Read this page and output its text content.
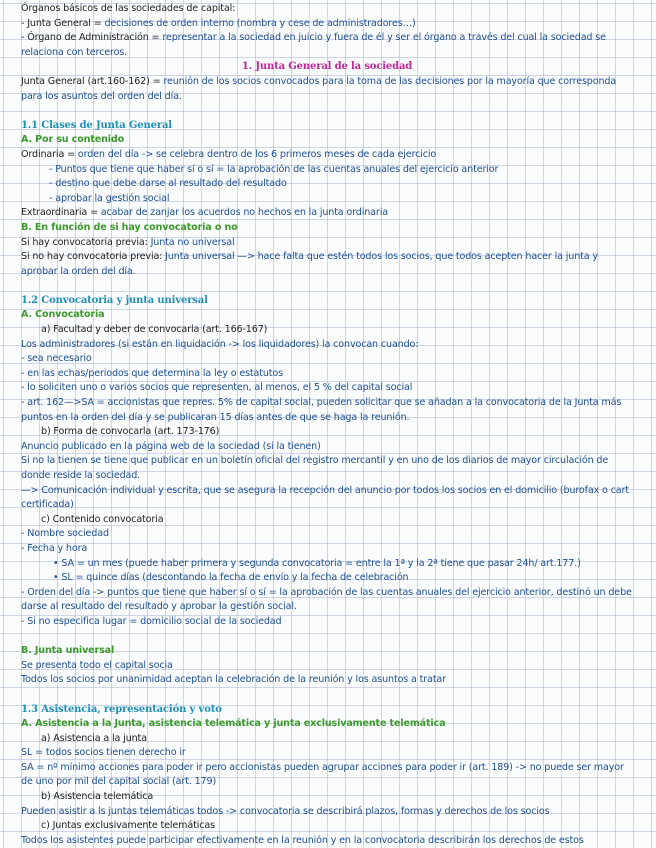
Órganos básicos de las sociedades de capital:
- Junta General = decisiones de orden interno (nombra y cese de administradores…)
- Órgano de Administración = representar a la sociedad en juicio y fuera de él y ser el órgano a través del cual la sociedad se relaciona con terceros.
1. Junta General de la sociedad
Junta General (art.160-162) = reunión de los socios convocados para la toma de las decisiones por la mayoría que corresponda para los asuntos del orden del día.
1.1 Clases de Junta General
A. Por su contenido
Ordinaria = orden del día -> se celebra dentro de los 6 primeros meses de cada ejercicio
- Puntos que tiene que haber sí o sí = la aprobación de las cuentas anuales del ejercicio anterior
- destino que debe darse al resultado del resultado
- aprobar la gestión social
Extraordinaria = acabar de zanjar los acuerdos no hechos en la junta ordinaria
B. En función de si hay convocatoria o no
Si hay convocatoria previa: Junta no universal
Si no hay convocatoria previa: Junta universal —> hace falta que estén todos los socios, que todos acepten hacer la junta y aprobar la orden del día.
1.2 Convocatoria y junta universal
A. Convocatoria
a) Facultad y deber de convocarla (art. 166-167)
Los administradores (si están en liquidación -> los liquidadores) la convocan cuando:
- sea necesario
- en las echas/periodos que determina la ley o estatutos
- lo soliciten uno o varios socios que representen, al menos, el 5 % del capital social
- art. 162—>SA = accionistas que repres. 5% de capital social, pueden solicitar que se añadan a la convocatoria de la Junta más puntos en la orden del día y se publicaran 15 días antes de que se haga la reunión.
b) Forma de convocarla (art. 173-176)
Anuncio publicado en la página web de la sociedad (si la tienen)
Si no la tienen se tiene que publicar en un boletín oficial del registro mercantil y en uno de los diarios de mayor circulación de donde reside la sociedad.
—> Comunicación individual y escrita, que se asegura la recepción del anuncio por todos los socios en el domicilio (burofax o cart certificada)
c) Contenido convocatoria
- Nombre sociedad
- Fecha y hora
• SA = un mes (puede haber primera y segunda convocatoria = entre la 1ª y la 2ª tiene que pasar 24h/ art.177.)
• SL = quince días (descontando la fecha de envío y la fecha de celebración
- Orden del día -> puntos que tiene que haber sí o sí = la aprobación de las cuentas anuales del ejercicio anterior, destinó un debe darse al resultado del resultado y aprobar la gestión social.
- Si no especifica lugar = domicilio social de la sociedad
B. Junta universal
Se presenta todo el capital socia
Todos los socios por unanimidad aceptan la celebración de la reunión y los asuntos a tratar
1.3 Asistencia, representación y voto
A. Asistencia a la Junta, asistencia telemática y junta exclusivamente telemática
a) Asistencia a la junta
SL = todos socios tienen derecho ir
SA = nº mínimo acciones para poder ir pero accionistas pueden agrupar acciones para poder ir (art. 189) -> no puede ser mayor de uno por mil del capital social (art. 179)
b) Asistencia telemática
Pueden asistir a ls juntas telemáticas todos -> convocatoria se describirá plazos, formas y derechos de los socios
c) Juntas exclusivamente telemáticas
Todos los asistentes puede participar efectivamente en la reunión y en la convocatoria describirán los derechos de estos
